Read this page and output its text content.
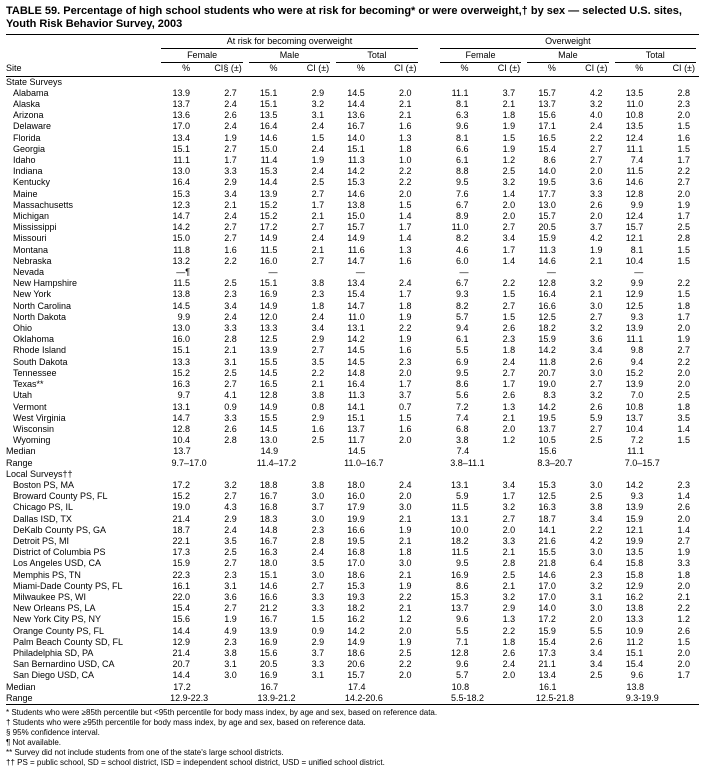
TABLE 59. Percentage of high school students who were at risk for becoming* or were overweight,† by sex — selected U.S. sites, Youth Risk Behavior Survey, 2003

	At risk for becoming overweight							Overweight					

	Female		Male		Total			Female		Male		Total	

Site	%	CI§ (±)	%	CI (±)	%	CI (±)		%	CI (±)	%	CI (±)	%	CI (±)
State Surveys													
Alabama	13.9	2.7	15.1	2.9	14.5	2.0		11.1	3.7	15.7	4.2	13.5	2.8
Alaska	13.7	2.4	15.1	3.2	14.4	2.1		8.1	2.1	13.7	3.2	11.0	2.3
Arizona	13.6	2.6	13.5	3.1	13.6	2.1		6.3	1.8	15.6	4.0	10.8	2.0
Delaware	17.0	2.4	16.4	2.4	16.7	1.6		9.6	1.9	17.1	2.4	13.5	1.5
Florida	13.4	1.9	14.6	1.5	14.0	1.3		8.1	1.5	16.5	2.2	12.4	1.6
Georgia	15.1	2.7	15.0	2.4	15.1	1.8		6.6	1.9	15.4	2.7	11.1	1.5
Idaho	11.1	1.7	11.4	1.9	11.3	1.0		6.1	1.2	8.6	2.7	7.4	1.7
Indiana	13.0	3.3	15.3	2.4	14.2	2.2		8.8	2.5	14.0	2.0	11.5	2.2
Kentucky	16.4	2.9	14.4	2.5	15.3	2.2		9.5	3.2	19.5	3.6	14.6	2.7
Maine	15.3	3.4	13.9	2.7	14.6	2.0		7.6	1.4	17.7	3.3	12.8	2.0
Massachusetts	12.3	2.1	15.2	1.7	13.8	1.5		6.7	2.0	13.0	2.6	9.9	1.9
Michigan	14.7	2.4	15.2	2.1	15.0	1.4		8.9	2.0	15.7	2.0	12.4	1.7
Mississippi	14.2	2.7	17.2	2.7	15.7	1.7		11.0	2.7	20.5	3.7	15.7	2.5
Missouri	15.0	2.7	14.9	2.4	14.9	1.4		8.2	3.4	15.9	4.2	12.1	2.8
Montana	11.8	1.6	11.5	2.1	11.6	1.3		4.6	1.7	11.3	1.9	8.1	1.5
Nebraska	13.2	2.2	16.0	2.7	14.7	1.6		6.0	1.4	14.6	2.1	10.4	1.5
Nevada	—¶		—		—			—		—		—	
New Hampshire	11.5	2.5	15.1	3.8	13.4	2.4		6.7	2.2	12.8	3.2	9.9	2.2
New York	13.8	2.3	16.9	2.3	15.4	1.7		9.3	1.5	16.4	2.1	12.9	1.5
North Carolina	14.5	3.4	14.9	1.8	14.7	1.8		8.2	2.7	16.6	3.0	12.5	1.8
North Dakota	9.9	2.4	12.0	2.4	11.0	1.9		5.7	1.5	12.5	2.7	9.3	1.7
Ohio	13.0	3.3	13.3	3.4	13.1	2.2		9.4	2.6	18.2	3.2	13.9	2.0
Oklahoma	16.0	2.8	12.5	2.9	14.2	1.9		6.1	2.3	15.9	3.6	11.1	1.9
Rhode Island	15.1	2.1	13.9	2.7	14.5	1.6		5.5	1.8	14.2	3.4	9.8	2.7
South Dakota	13.3	3.1	15.5	3.5	14.5	2.3		6.9	2.4	11.8	2.6	9.4	2.2
Tennessee	15.2	2.5	14.5	2.2	14.8	2.0		9.5	2.7	20.7	3.0	15.2	2.0
Texas**	16.3	2.7	16.5	2.1	16.4	1.7		8.6	1.7	19.0	2.7	13.9	2.0
Utah	9.7	4.1	12.8	3.8	11.3	3.7		5.6	2.6	8.3	3.2	7.0	2.5
Vermont	13.1	0.9	14.9	0.8	14.1	0.7		7.2	1.3	14.2	2.6	10.8	1.8
West Virginia	14.7	3.3	15.5	2.9	15.1	1.5		7.4	2.1	19.5	5.9	13.7	3.5
Wisconsin	12.8	2.6	14.5	1.6	13.7	1.6		6.8	2.0	13.7	2.7	10.4	1.4
Wyoming	10.4	2.8	13.0	2.5	11.7	2.0		3.8	1.2	10.5	2.5	7.2	1.5
Median	13.7		14.9		14.5			7.4		15.6		11.1	
Range	9.7–17.0		11.4–17.2		11.0–16.7			3.8–11.1		8.3–20.7		7.0–15.7	
Local Surveys††													
Boston PS, MA	17.2	3.2	18.8	3.8	18.0	2.4		13.1	3.4	15.3	3.0	14.2	2.3
Broward County PS, FL	15.2	2.7	16.7	3.0	16.0	2.0		5.9	1.7	12.5	2.5	9.3	1.4
Chicago PS, IL	19.0	4.3	16.8	3.7	17.9	3.0		11.5	3.2	16.3	3.8	13.9	2.6
Dallas ISD, TX	21.4	2.9	18.3	3.0	19.9	2.1		13.1	2.7	18.7	3.4	15.9	2.0
DeKalb County PS, GA	18.7	2.4	14.8	2.3	16.6	1.9		10.0	2.0	14.1	2.2	12.1	1.4
Detroit PS, MI	22.1	3.5	16.7	2.8	19.5	2.1		18.2	3.3	21.6	4.2	19.9	2.7
District of Columbia PS	17.3	2.5	16.3	2.4	16.8	1.8		11.5	2.1	15.5	3.0	13.5	1.9
Los Angeles USD, CA	15.9	2.7	18.0	3.5	17.0	3.0		9.5	2.8	21.8	6.4	15.8	3.3
Memphis PS, TN	22.3	2.3	15.1	3.0	18.6	2.1		16.9	2.5	14.6	2.3	15.8	1.8
Miami-Dade County PS, FL	16.1	3.1	14.6	2.7	15.3	1.9		8.6	2.1	17.0	3.2	12.9	2.0
Milwaukee PS, WI	22.0	3.6	16.6	3.3	19.3	2.2		15.3	3.2	17.0	3.1	16.2	2.1
New Orleans PS, LA	15.4	2.7	21.2	3.3	18.2	2.1		13.7	2.9	14.0	3.0	13.8	2.2
New York City PS, NY	15.6	1.9	16.7	1.5	16.2	1.2		9.6	1.3	17.2	2.0	13.3	1.2
Orange County PS, FL	14.4	4.9	13.9	0.9	14.2	2.0		5.5	2.2	15.9	5.5	10.9	2.6
Palm Beach County SD, FL	12.9	2.3	16.9	2.9	14.9	1.9		7.1	1.8	15.4	2.6	11.2	1.5
Philadelphia SD, PA	21.4	3.8	15.6	3.7	18.6	2.5		12.8	2.6	17.3	3.4	15.1	2.0
San Bernardino USD, CA	20.7	3.1	20.5	3.3	20.6	2.2		9.6	2.4	21.1	3.4	15.4	2.0
San Diego USD, CA	14.4	3.0	16.9	3.1	15.7	2.0		5.7	2.0	13.4	2.5	9.6	1.7
Median	17.2		16.7		17.4			10.8		16.1		13.8	
Range	12.9-22.3		13.9-21.2		14.2-20.6			5.5-18.2		12.5-21.8		9.3-19.9	
* Students who were ≥85th percentile but <95th percentile for body mass index, by age and sex, based on reference data.
† Students who were ≥95th percentile for body mass index, by age and sex, based on reference data.
§ 95% confidence interval.
¶ Not available.
** Survey did not include students from one of the state's large school districts.
†† PS = public school, SD = school district, ISD = independent school district, USD = unified school district.
